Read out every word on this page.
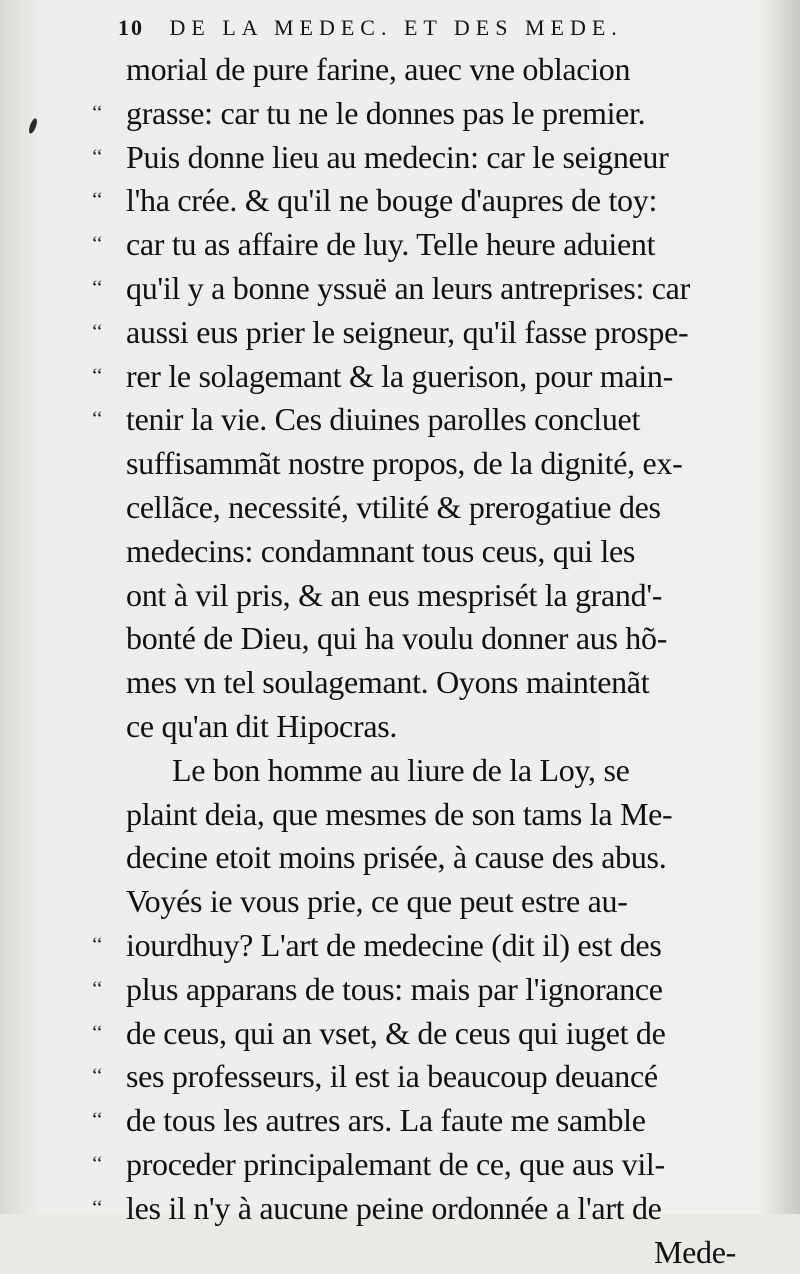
10 DE LA MEDEC. ET DES MEDE.
morial de pure farine, auec vne oblacion
‘‘ grasse: car tu ne le donnes pas le premier.
‘‘ Puis donne lieu au medecin: car le seigneur
‘‘ l'ha crée. & qu'il ne bouge d'aupres de toy:
‘‘ car tu as affaire de luy. Telle heure aduient
‘‘ qu'il y a bonne yssuë an leurs antreprises: car
‘‘ aussi eus prier le seigneur, qu'il fasse prospe-
‘‘ rer le solagemant & la guerison, pour main-
‘‘ tenir la vie. Ces diuines parolles concluet
suffisammãt nostre propos, de la dignité, ex-
cellãce, necessité, vtilité & prerogatiue des
medecins: condamnant tous ceus, qui les
ont à vil pris, & an eus mesprisét la grand'-
bonté de Dieu, qui ha voulu donner aus hõ-
mes vn tel soulagemant. Oyons maintenãt
ce qu'an dit Hipocras.
Le bon homme au liure de la Loy, se
plaint deia, que mesmes de son tams la Me-
decine etoit moins prisée, à cause des abus.
Voyés ie vous prie, ce que peut estre au-
‘‘ iourdhuy? L'art de medecine (dit il) est des
‘‘ plus apparans de tous: mais par l'ignorance
‘‘ de ceus, qui an vset, & de ceus qui iuget de
‘‘ ses professeurs, il est ia beaucoup deuancé
‘‘ de tous les autres ars. La faute me samble
‘‘ proceder principalemant de ce, que aus vil-
‘‘ les il n'y à aucune peine ordonnée a l'art de
Mede-
